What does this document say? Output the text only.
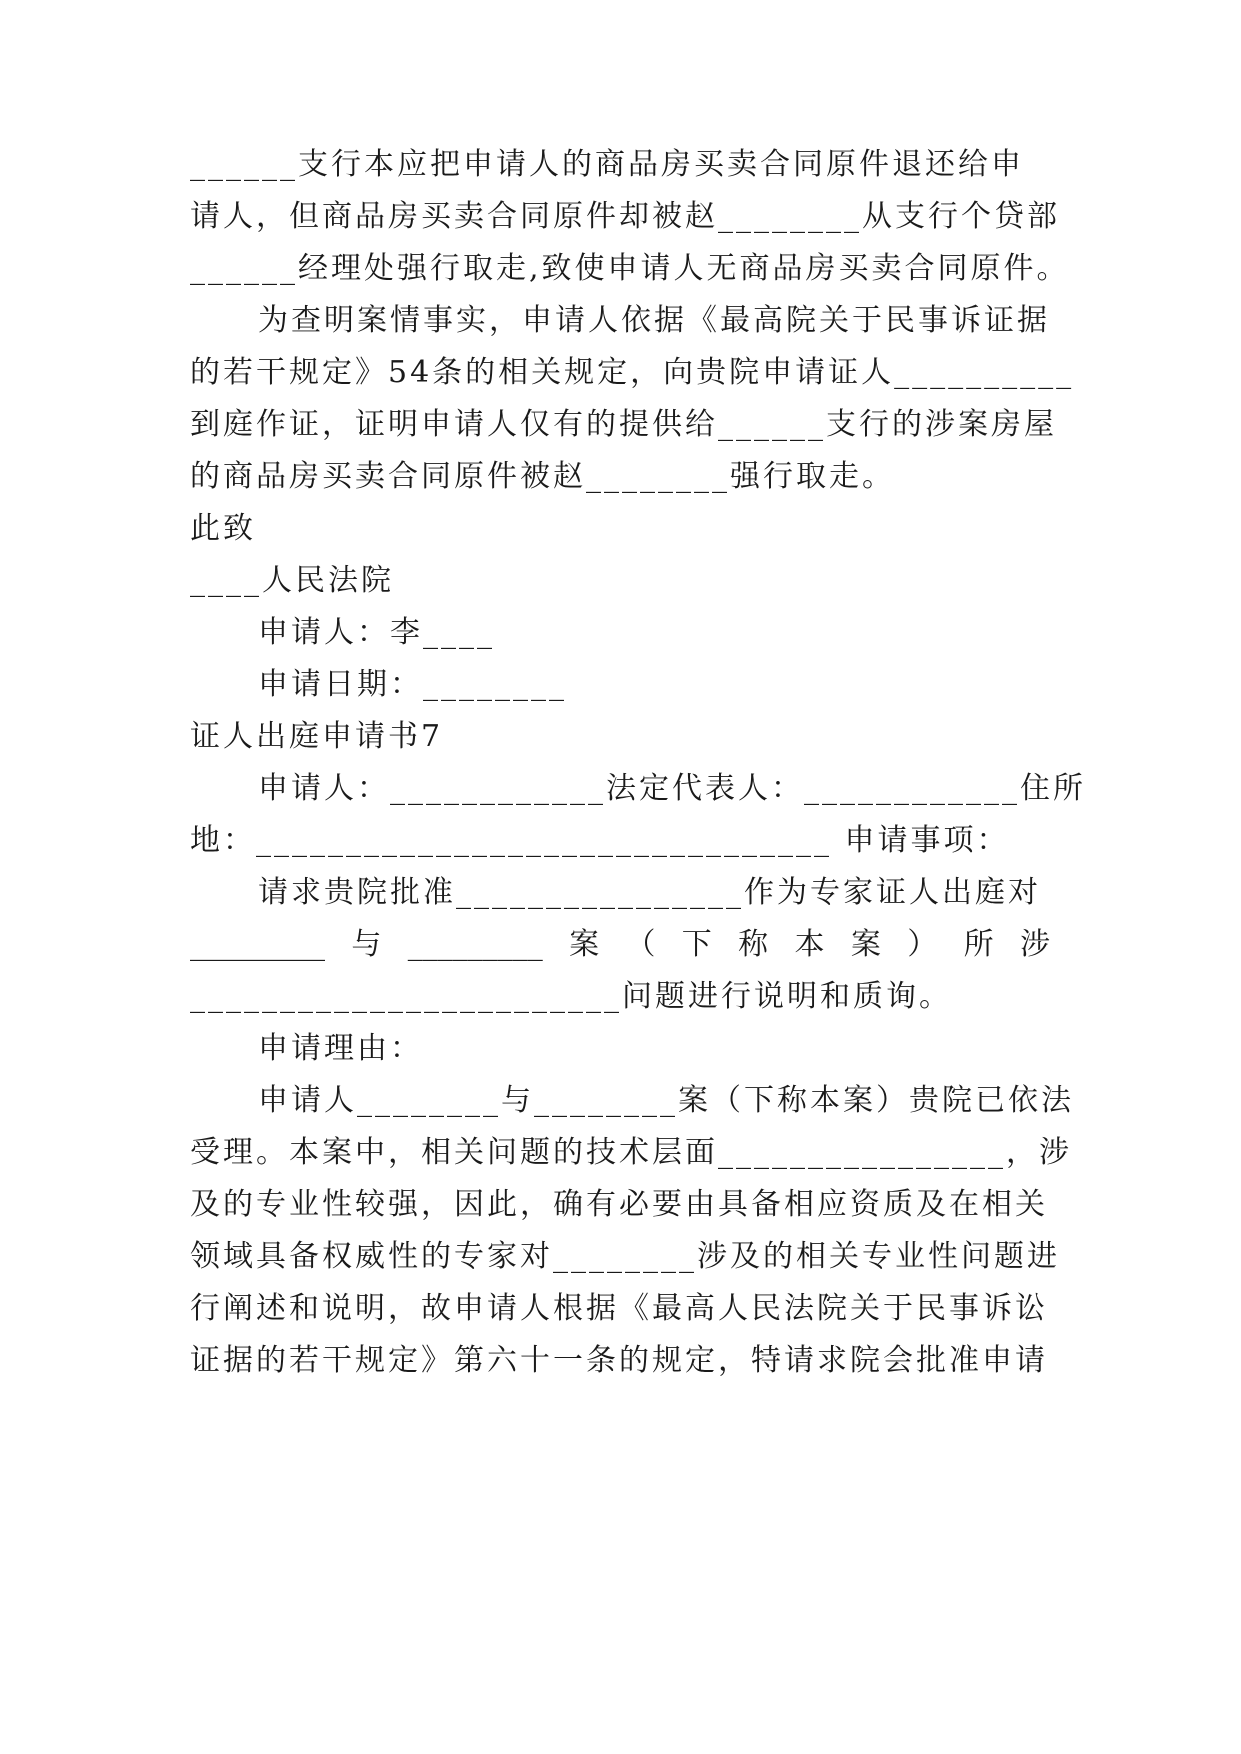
______支行本应把申请人的商品房买卖合同原件退还给申
请人，但商品房买卖合同原件却被赵________从支行个贷部
______经理处强行取走,致使申请人无商品房买卖合同原件。
为查明案情事实，申请人依据《最高院关于民事诉证据
的若干规定》54条的相关规定，向贵院申请证人__________
到庭作证，证明申请人仅有的提供给______支行的涉案房屋
的商品房买卖合同原件被赵________强行取走。
此致
____人民法院
申请人：李____
申请日期：________
证人出庭申请书7
申请人：____________法定代表人：____________住所
地：________________________________ 申请事项：
请求贵院批准________________作为专家证人出庭对
_________ 与 _________ 案 （ 下 称 本 案 ） 所 涉
________________________问题进行说明和质询。
申请理由：
申请人________与________案（下称本案）贵院已依法
受理。本案中，相关问题的技术层面________________，涉
及的专业性较强，因此，确有必要由具备相应资质及在相关
领域具备权威性的专家对________涉及的相关专业性问题进
行阐述和说明，故申请人根据《最高人民法院关于民事诉讼
证据的若干规定》第六十一条的规定，特请求院会批准申请
